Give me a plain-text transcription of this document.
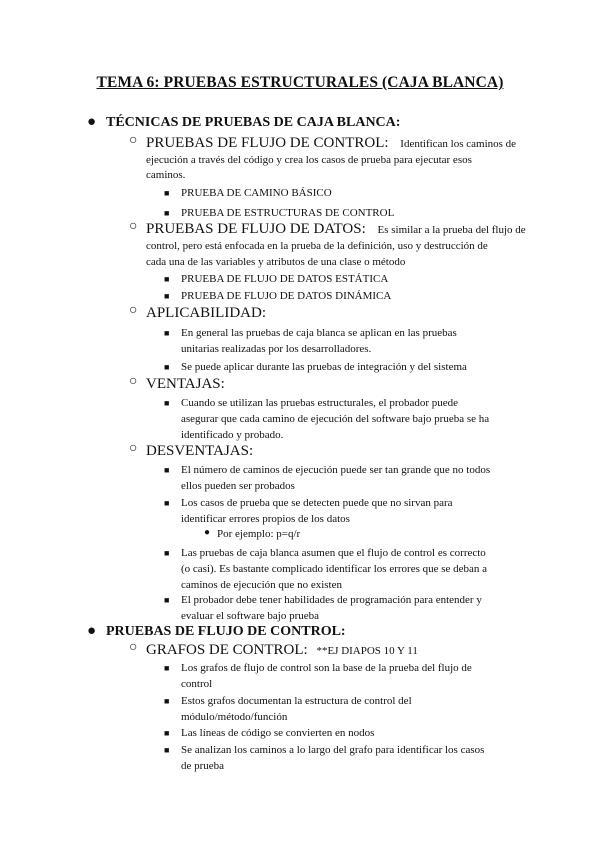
TEMA 6: PRUEBAS ESTRUCTURALES (CAJA BLANCA)
● TÉCNICAS DE PRUEBAS DE CAJA BLANCA:
○ PRUEBAS DE FLUJO DE CONTROL: Identifican los caminos de
ejecución a través del código y crea los casos de prueba para ejecutar esos
caminos.
■ PRUEBA DE CAMINO BÁSICO
■ PRUEBA DE ESTRUCTURAS DE CONTROL
○ PRUEBAS DE FLUJO DE DATOS: Es similar a la prueba del flujo de
control, pero está enfocada en la prueba de la definición, uso y destrucción de
cada una de las variables y atributos de una clase o método
■ PRUEBA DE FLUJO DE DATOS ESTÁTICA
■ PRUEBA DE FLUJO DE DATOS DINÁMICA
○ APLICABILIDAD:
■ En general las pruebas de caja blanca se aplican en las pruebas
unitarias realizadas por los desarrolladores.
■ Se puede aplicar durante las pruebas de integración y del sistema
○ VENTAJAS:
■ Cuando se utilizan las pruebas estructurales, el probador puede
asegurar que cada camino de ejecución del software bajo prueba se ha
identificado y probado.
○ DESVENTAJAS:
■ El número de caminos de ejecución puede ser tan grande que no todos
ellos pueden ser probados
■ Los casos de prueba que se detecten puede que no sirvan para
identificar errores propios de los datos
● Por ejemplo: p=q/r
■ Las pruebas de caja blanca asumen que el flujo de control es correcto
(o casi). Es bastante complicado identificar los errores que se deban a
caminos de ejecución que no existen
■ El probador debe tener habilidades de programación para entender y
evaluar el software bajo prueba
● PRUEBAS DE FLUJO DE CONTROL:
○ GRAFOS DE CONTROL: **EJ DIAPOS 10 Y 11
■ Los grafos de flujo de control son la base de la prueba del flujo de
control
■ Estos grafos documentan la estructura de control del
módulo/método/función
■ Las líneas de código se convierten en nodos
■ Se analizan los caminos a lo largo del grafo para identificar los casos
de prueba
